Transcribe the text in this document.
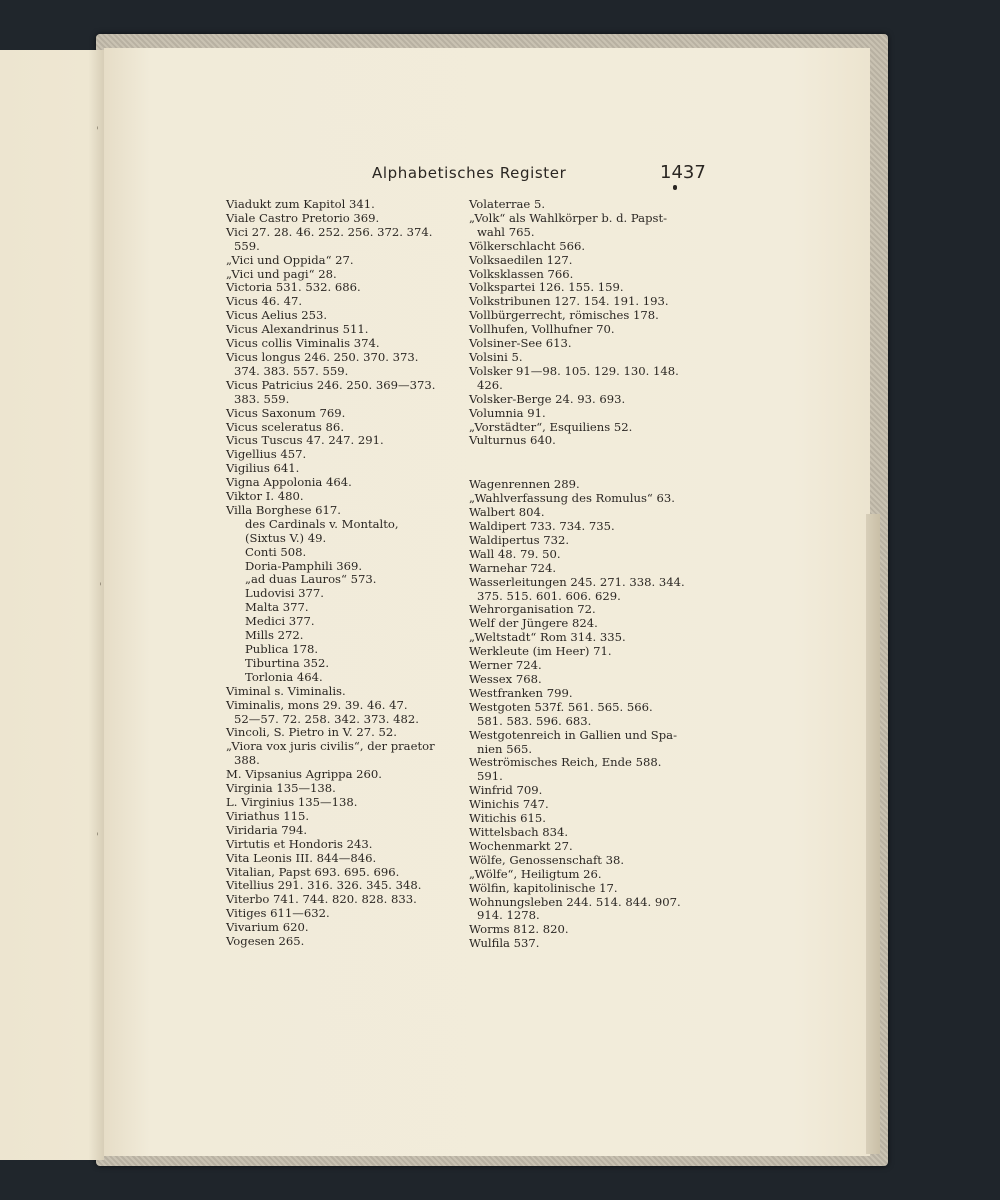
'
'
'
Alphabetisches Register	1437

Viadukt zum Kapitol 341.

Viale Castro Pretorio 369.

Vici 27. 28. 46. 252. 256. 372. 374.

559.

„Vici und Oppida“ 27.

„Vici und pagi“ 28.

Victoria 531. 532. 686.

Vicus 46. 47.

Vicus Aelius 253.

Vicus Alexandrinus 511.

Vicus collis Viminalis 374.

Vicus longus 246. 250. 370. 373.

374. 383. 557. 559.

Vicus Patricius 246. 250. 369—373.

383. 559.

Vicus Saxonum 769.

Vicus sceleratus 86.

Vicus Tuscus 47. 247. 291.

Vigellius 457.

Vigilius 641.

Vigna Appolonia 464.

Viktor I. 480.

Villa Borghese 617.

des Cardinals v. Montalto,

(Sixtus V.) 49.

Conti 508.

Doria-Pamphili 369.

„ad duas Lauros“ 573.

Ludovisi 377.

Malta 377.

Medici 377.

Mills 272.

Publica 178.

Tiburtina 352.

Torlonia 464.

Viminal s. Viminalis.

Viminalis, mons 29. 39. 46. 47.

52—57. 72. 258. 342. 373. 482.

Vincoli, S. Pietro in V. 27. 52.

„Viora vox juris civilis“, der praetor

388.

M. Vipsanius Agrippa 260.

Virginia 135—138.

L. Virginius 135—138.

Viriathus 115.

Viridaria 794.

Virtutis et Hondoris 243.

Vita Leonis III. 844—846.

Vitalian, Papst 693. 695. 696.

Vitellius 291. 316. 326. 345. 348.

Viterbo 741. 744. 820. 828. 833.

Vitiges 611—632.

Vivarium 620.

Vogesen 265.

Volaterrae 5.

„Volk“ als Wahlkörper b. d. Papst-

wahl 765.

Völkerschlacht 566.

Volksaedilen 127.

Volksklassen 766.

Volkspartei 126. 155. 159.

Volkstribunen 127. 154. 191. 193.

Vollbürgerrecht, römisches 178.

Vollhufen, Vollhufner 70.

Volsiner-See 613.

Volsini 5.

Volsker 91—98. 105. 129. 130. 148.

426.

Volsker-Berge 24. 93. 693.

Volumnia 91.

„Vorstädter“, Esquiliens 52.

Vulturnus 640.

Wagenrennen 289.

„Wahlverfassung des Romulus“ 63.

Walbert 804.

Waldipert 733. 734. 735.

Waldipertus 732.

Wall 48. 79. 50.

Warnehar 724.

Wasserleitungen 245. 271. 338. 344.

375. 515. 601. 606. 629.

Wehrorganisation 72.

Welf der Jüngere 824.

„Weltstadt“ Rom 314. 335.

Werkleute (im Heer) 71.

Werner 724.

Wessex 768.

Westfranken 799.

Westgoten 537f. 561. 565. 566.

581. 583. 596. 683.

Westgotenreich in Gallien und Spa-

nien 565.

Weströmisches Reich, Ende 588.

591.

Winfrid 709.

Winichis 747.

Witichis 615.

Wittelsbach 834.

Wochenmarkt 27.

Wölfe, Genossenschaft 38.

„Wölfe“, Heiligtum 26.

Wölfin, kapitolinische 17.

Wohnungsleben 244. 514. 844. 907.

914. 1278.

Worms 812. 820.

Wulfila 537.
